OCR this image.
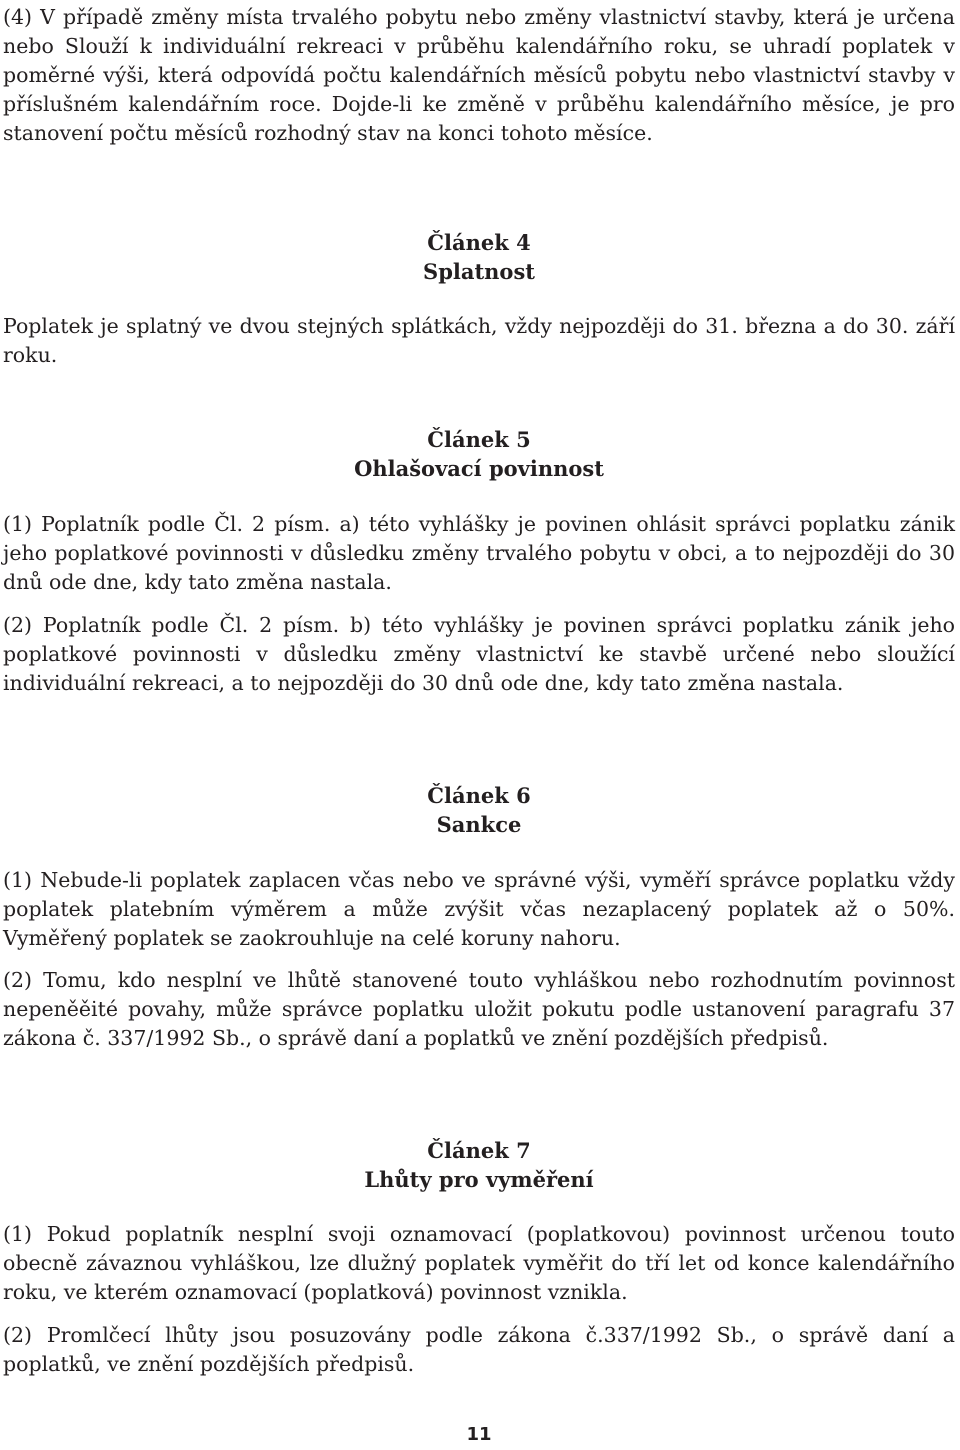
(4) V případě změny místa trvalého pobytu nebo změny vlastnictví stavby, která je určena nebo Slouží k individuální rekreaci v průběhu kalendářního roku, se uhradí poplatek v poměrné výši, která odpovídá počtu kalendářních měsíců pobytu nebo vlastnictví stavby v příslušném kalendářním roce. Dojde-li ke změně v průběhu kalendářního měsíce, je pro stanovení počtu měsíců rozhodný stav na konci tohoto měsíce.

Článek 4
Splatnost

Poplatek je splatný ve dvou stejných splátkách, vždy nejpozději do 31. března a do 30. září roku.

Článek 5
Ohlašovací povinnost

(1) Poplatník podle Čl. 2 písm. a) této vyhlášky je povinen ohlásit správci poplatku zánik jeho poplatkové povinnosti v důsledku změny trvalého pobytu v obci, a to nejpozději do 30 dnů ode dne, kdy tato změna nastala.

(2) Poplatník podle Čl. 2 písm. b) této vyhlášky je povinen správci poplatku zánik jeho poplatkové povinnosti v důsledku změny vlastnictví ke stavbě určené nebo sloužící individuální rekreaci, a to nejpozději do 30 dnů ode dne, kdy tato změna nastala.

Článek 6
Sankce

(1) Nebude-li poplatek zaplacen včas nebo ve správné výši, vyměří správce poplatku vždy poplatek platebním výměrem a může zvýšit včas nezaplacený poplatek až o 50%. Vyměřený poplatek se zaokrouhluje na celé koruny nahoru.

(2) Tomu, kdo nesplní ve lhůtě stanovené touto vyhláškou nebo rozhodnutím povinnost nepeněěité povahy, může správce poplatku uložit pokutu podle ustanovení paragrafu 37 zákona č. 337/1992 Sb., o správě daní a poplatků ve znění pozdějších předpisů.

Článek 7
Lhůty pro vyměření

(1) Pokud poplatník nesplní svoji oznamovací (poplatkovou) povinnost určenou touto obecně závaznou vyhláškou, lze dlužný poplatek vyměřit do tří let od konce kalendářního roku, ve kterém oznamovací (poplatková) povinnost vznikla.

(2) Promlčecí lhůty jsou posuzovány podle zákona č.337/1992 Sb., o správě daní a poplatků, ve znění pozdějších předpisů.

11
